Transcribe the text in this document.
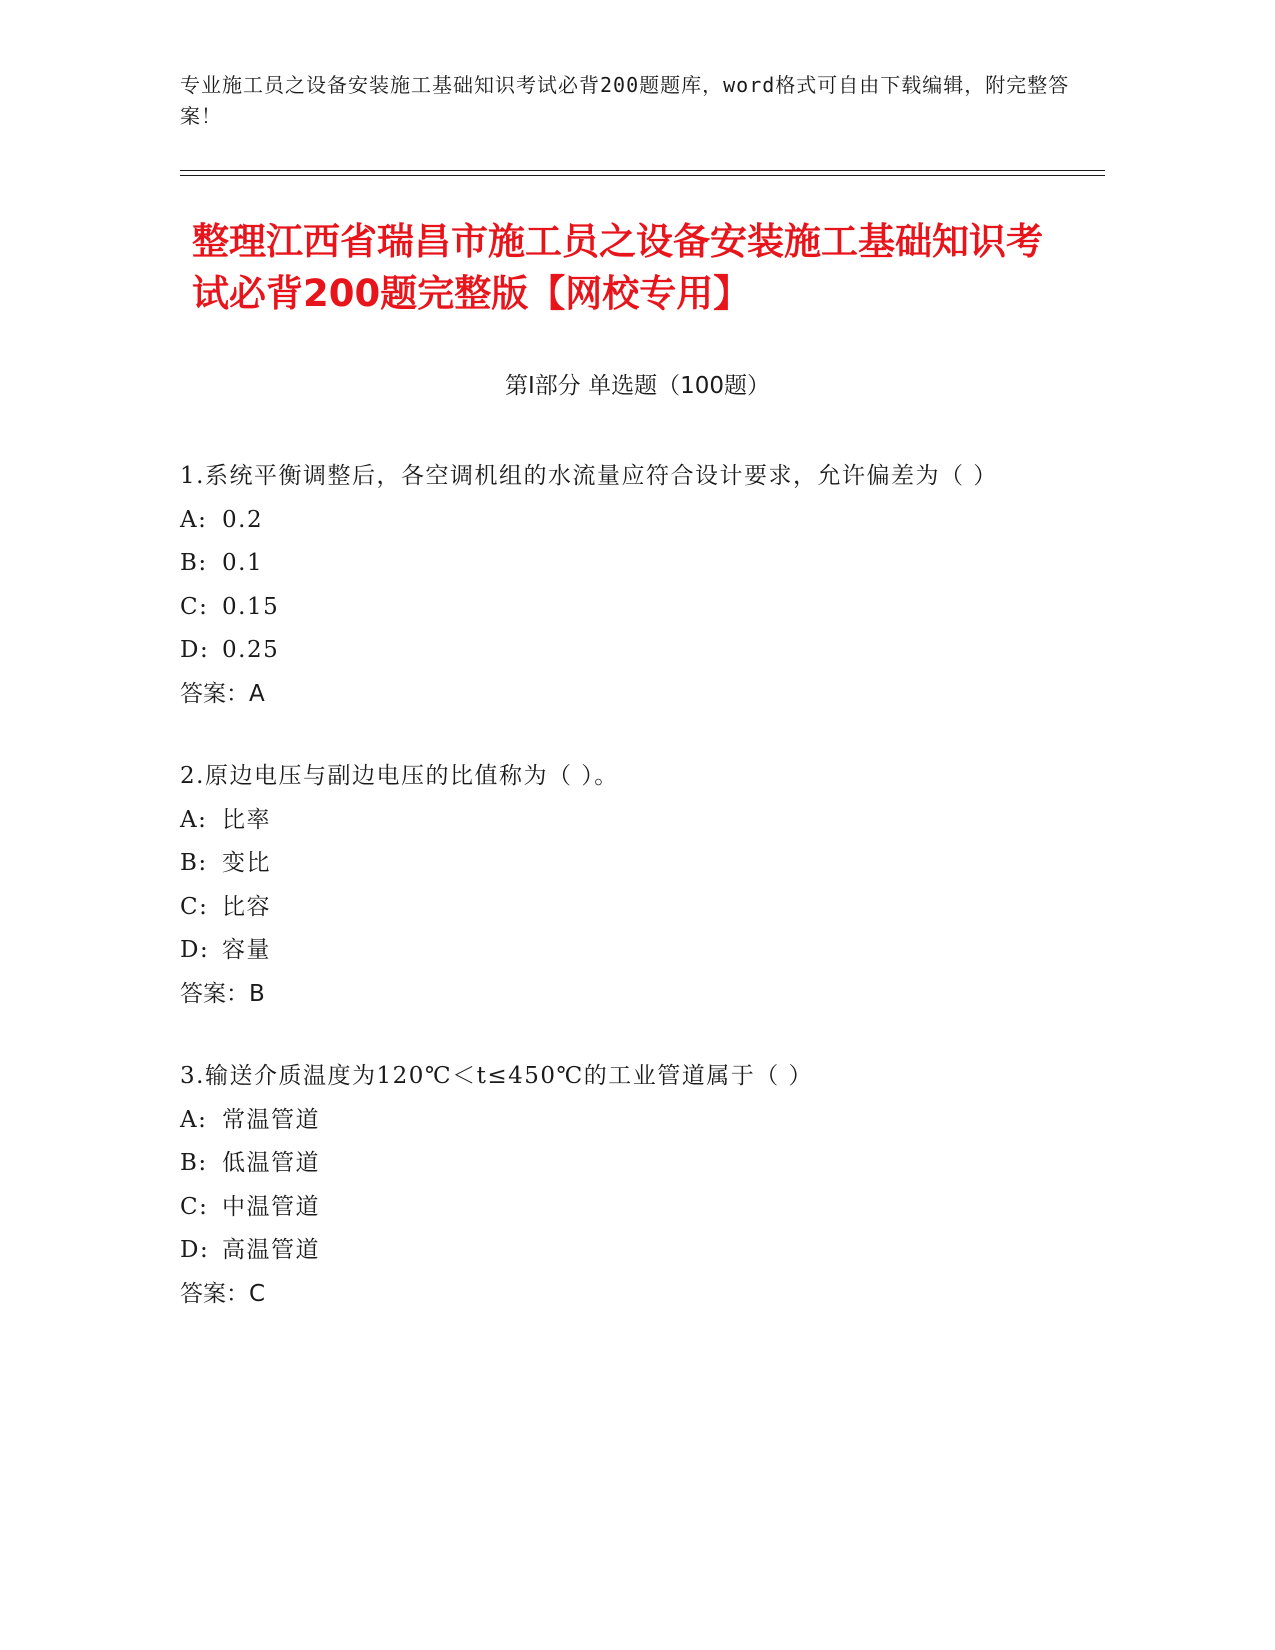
专业施工员之设备安装施工基础知识考试必背200题题库，word格式可自由下载编辑，附完整答案！
整理江西省瑞昌市施工员之设备安装施工基础知识考试必背200题完整版【网校专用】
第Ⅰ部分 单选题（100题）
1.系统平衡调整后，各空调机组的水流量应符合设计要求，允许偏差为（ ）
A: 0.2
B: 0.1
C: 0.15
D: 0.25
答案：A
2.原边电压与副边电压的比值称为（ ）。
A: 比率
B: 变比
C: 比容
D: 容量
答案：B
3.输送介质温度为120℃＜t≤450℃的工业管道属于（ ）
A: 常温管道
B: 低温管道
C: 中温管道
D: 高温管道
答案：C
